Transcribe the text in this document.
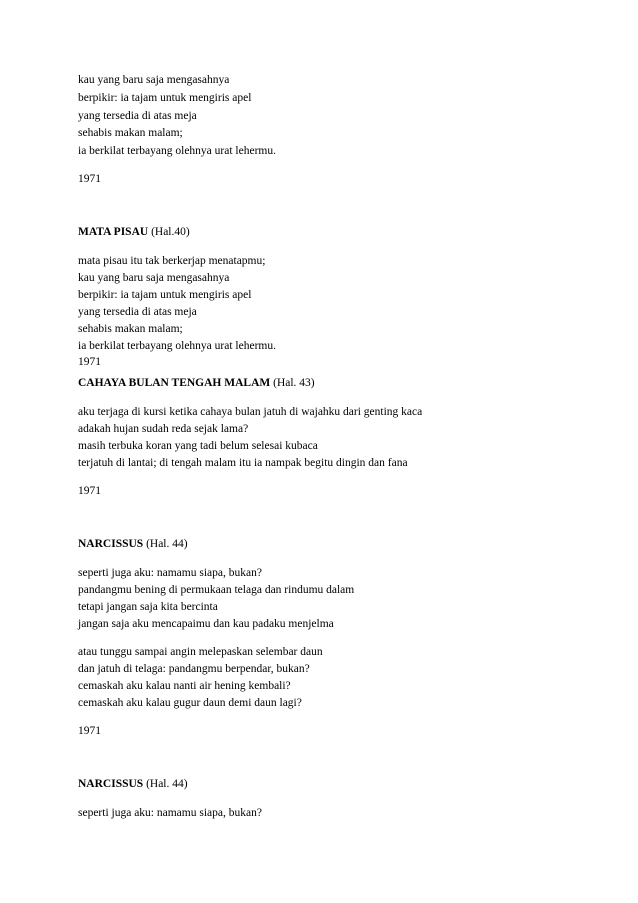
kau yang baru saja mengasahnya
berpikir: ia tajam untuk mengiris apel
yang tersedia di atas meja
sehabis makan malam;
ia berkilat terbayang olehnya urat lehermu.
1971
MATA PISAU (Hal.40)
mata pisau itu tak berkerjap menatapmu;
kau yang baru saja mengasahnya
berpikir: ia tajam untuk mengiris apel
yang tersedia di atas meja
sehabis makan malam;
ia berkilat terbayang olehnya urat lehermu.
1971
CAHAYA BULAN TENGAH MALAM (Hal. 43)
aku terjaga di kursi ketika cahaya bulan jatuh di wajahku dari genting kaca
adakah hujan sudah reda sejak lama?
masih terbuka koran yang tadi belum selesai kubaca
terjatuh di lantai; di tengah malam itu ia nampak begitu dingin dan fana
1971
NARCISSUS (Hal. 44)
seperti juga aku: namamu siapa, bukan?
pandangmu bening di permukaan telaga dan rindumu dalam
tetapi jangan saja kita bercinta
jangan saja aku mencapaimu dan kau padaku menjelma
atau tunggu sampai angin melepaskan selembar daun
dan jatuh di telaga: pandangmu berpendar, bukan?
cemaskah aku kalau nanti air hening kembali?
cemaskah aku kalau gugur daun demi daun lagi?
1971
NARCISSUS (Hal. 44)
seperti juga aku: namamu siapa, bukan?
